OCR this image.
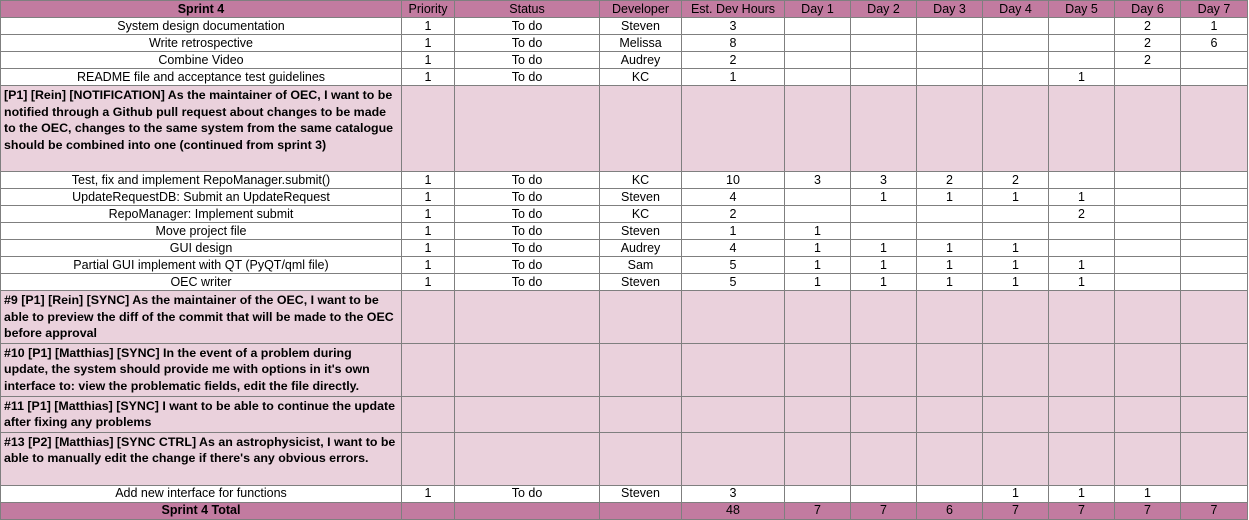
Sprint 4	Priority	Status	Developer	Est. Dev Hours	Day 1	Day 2	Day 3	Day 4	Day 5	Day 6	Day 7
System design documentation	1	To do	Steven	3						2	1
Write retrospective	1	To do	Melissa	8						2	6
Combine Video	1	To do	Audrey	2						2	
README file and acceptance test guidelines	1	To do	KC	1					1		
[P1] [Rein] [NOTIFICATION] As the maintainer of OEC, I want to be notified through a Github pull request about changes to be made to the OEC, changes to the same system from the same catalogue should be combined into one (continued from sprint 3)											
Test, fix and implement RepoManager.submit()	1	To do	KC	10	3	3	2	2			
UpdateRequestDB: Submit an UpdateRequest	1	To do	Steven	4		1	1	1	1		
RepoManager: Implement submit	1	To do	KC	2					2		
Move project file	1	To do	Steven	1	1						
GUI design	1	To do	Audrey	4	1	1	1	1			
Partial GUI implement with QT (PyQT/qml file)	1	To do	Sam	5	1	1	1	1	1		
OEC writer	1	To do	Steven	5	1	1	1	1	1		
#9 [P1] [Rein] [SYNC] As the maintainer of the OEC, I want to be able to preview the diff of the commit that will be made to the OEC before approval											
#10 [P1] [Matthias] [SYNC] In the event of a problem during update, the system should provide me with options in it's own interface to: view the problematic fields, edit the file directly.											
#11 [P1] [Matthias] [SYNC] I want to be able to continue the update after fixing any problems											
#13 [P2] [Matthias] [SYNC CTRL] As an astrophysicist, I want to be able to manually edit the change if there's any obvious errors.											
Add new interface for functions	1	To do	Steven	3				1	1	1	
Sprint 4 Total				48	7	7	6	7	7	7	7
